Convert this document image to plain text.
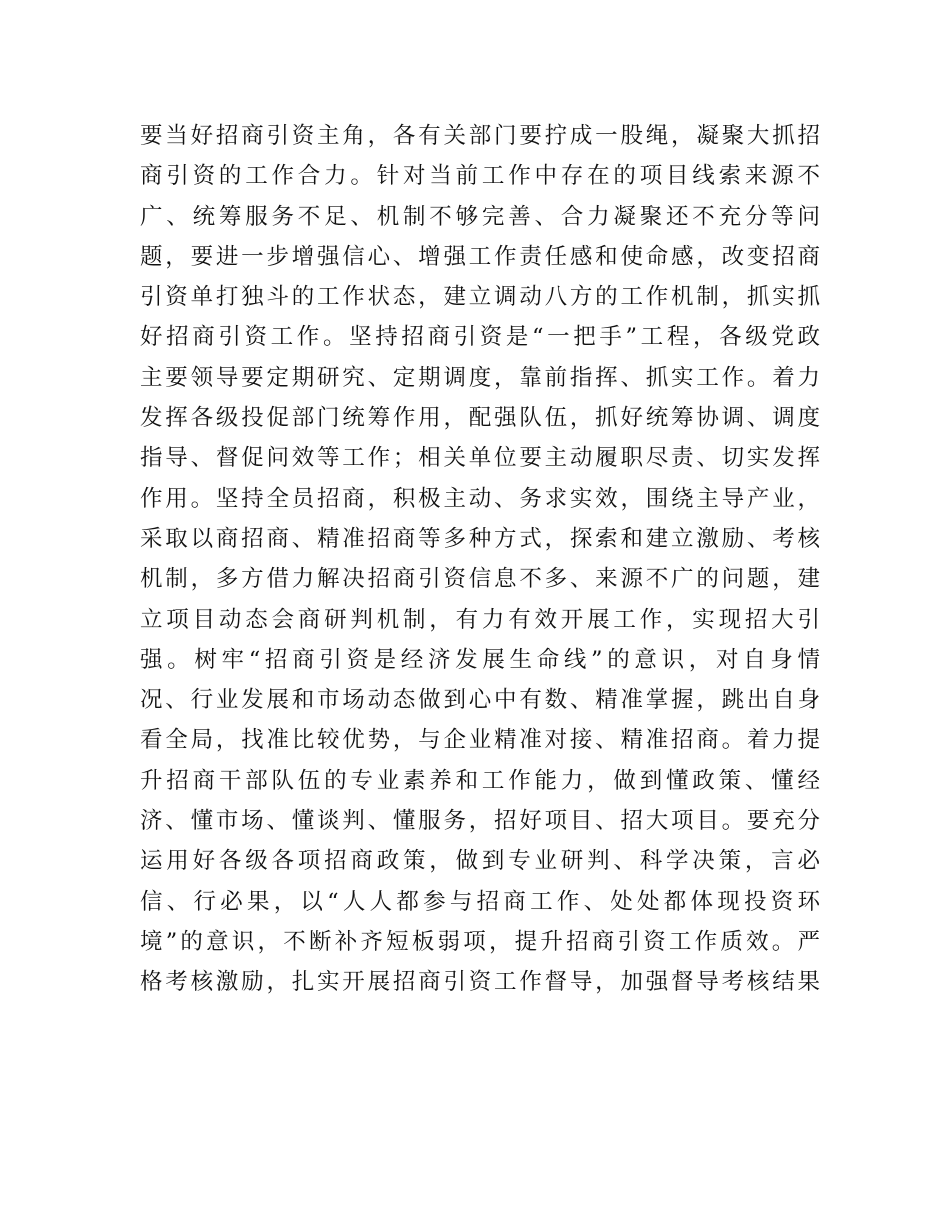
要当好招商引资主角，各有关部门要拧成一股绳，凝聚大抓招
商引资的工作合力。针对当前工作中存在的项目线索来源不
广、统筹服务不足、机制不够完善、合力凝聚还不充分等问
题，要进一步增强信心、增强工作责任感和使命感，改变招商
引资单打独斗的工作状态，建立调动八方的工作机制，抓实抓
好招商引资工作。坚持招商引资是“一把手”工程，各级党政
主要领导要定期研究、定期调度，靠前指挥、抓实工作。着力
发挥各级投促部门统筹作用，配强队伍，抓好统筹协调、调度
指导、督促问效等工作；相关单位要主动履职尽责、切实发挥
作用。坚持全员招商，积极主动、务求实效，围绕主导产业，
采取以商招商、精准招商等多种方式，探索和建立激励、考核
机制，多方借力解决招商引资信息不多、来源不广的问题，建
立项目动态会商研判机制，有力有效开展工作，实现招大引
强。树牢“招商引资是经济发展生命线”的意识，对自身情
况、行业发展和市场动态做到心中有数、精准掌握，跳出自身
看全局，找准比较优势，与企业精准对接、精准招商。着力提
升招商干部队伍的专业素养和工作能力，做到懂政策、懂经
济、懂市场、懂谈判、懂服务，招好项目、招大项目。要充分
运用好各级各项招商政策，做到专业研判、科学决策，言必
信、行必果，以“人人都参与招商工作、处处都体现投资环
境”的意识，不断补齐短板弱项，提升招商引资工作质效。严
格考核激励，扎实开展招商引资工作督导，加强督导考核结果
